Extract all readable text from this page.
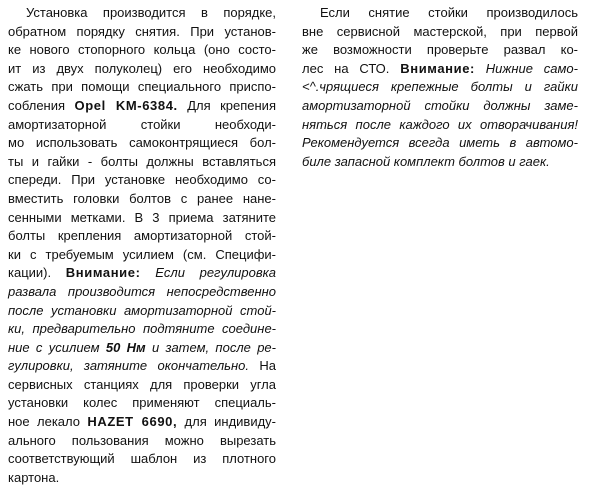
Установка производится в порядке,
обратном порядку снятия. При установ-
ке нового стопорного кольца (оно состо-
ит из двух полуколец) его необходимо
сжать при помощи специального приспо-
собления Opel KM-6384. Для крепения
амортизаторной стойки необходи-
мо использовать самоконтрящиеся бол-
ты и гайки - болты должны вставляться
спереди. При установке необходимо со-
вместить головки болтов с ранее нане-
сенными метками. В 3 приема затяните
болты крепления амортизаторной стой-
ки с требуемым усилием (см. Специфи-
кации). Внимание: Если регулировка
развала производится непосредственно
после установки амортизаторной стой-
ки, предварительно подтяните соедине-
ние с усилием 50 Нм и затем, после ре-
гулировки, затяните окончательно. На
сервисных станциях для проверки угла
установки колес применяют специаль-
ное лекало HAZET 6690, для индивиду-
ального пользования можно вырезать
соответствующий шаблон из плотного
картона.
Если снятие стойки производилось
вне сервисной мастерской, при первой
же возможности проверьте развал ко-
лес на СТО. Внимание: Нижние само-
<^.чрящиеся крепежные болты и гайки
амортизаторной стойки должны заме-
няться после каждого их отворачивания!
Рекомендуется всегда иметь в автомо-
биле запасной комплект болтов и гаек.
